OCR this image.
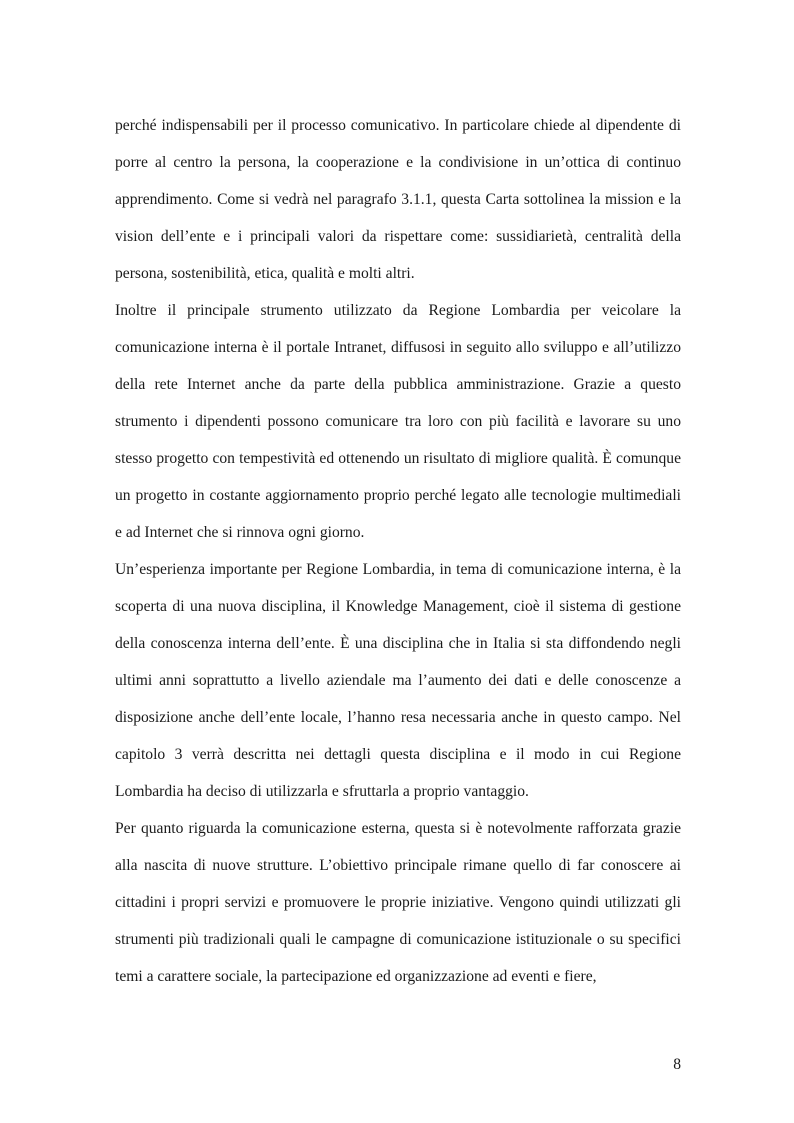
perché indispensabili per il processo comunicativo. In particolare chiede al dipendente di porre al centro la persona, la cooperazione e la condivisione in un’ottica di continuo apprendimento. Come si vedrà nel paragrafo 3.1.1, questa Carta sottolinea la mission e la vision dell’ente e i principali valori da rispettare come: sussidiarietà, centralità della persona, sostenibilità, etica, qualità e molti altri.

Inoltre il principale strumento utilizzato da Regione Lombardia per veicolare la comunicazione interna è il portale Intranet, diffusosi in seguito allo sviluppo e all’utilizzo della rete Internet anche da parte della pubblica amministrazione. Grazie a questo strumento i dipendenti possono comunicare tra loro con più facilità e lavorare su uno stesso progetto con tempestività ed ottenendo un risultato di migliore qualità. È comunque un progetto in costante aggiornamento proprio perché legato alle tecnologie multimediali e ad Internet che si rinnova ogni giorno.

Un’esperienza importante per Regione Lombardia, in tema di comunicazione interna, è la scoperta di una nuova disciplina, il Knowledge Management, cioè il sistema di gestione della conoscenza interna dell’ente. È una disciplina che in Italia si sta diffondendo negli ultimi anni soprattutto a livello aziendale ma l’aumento dei dati e delle conoscenze a disposizione anche dell’ente locale, l’hanno resa necessaria anche in questo campo. Nel capitolo 3 verrà descritta nei dettagli questa disciplina e il modo in cui Regione Lombardia ha deciso di utilizzarla e sfruttarla a proprio vantaggio.

Per quanto riguarda la comunicazione esterna, questa si è notevolmente rafforzata grazie alla nascita di nuove strutture. L’obiettivo principale rimane quello di far conoscere ai cittadini i propri servizi e promuovere le proprie iniziative. Vengono quindi utilizzati gli strumenti più tradizionali quali le campagne di comunicazione istituzionale o su specifici temi a carattere sociale, la partecipazione ed organizzazione ad eventi e fiere,

8
